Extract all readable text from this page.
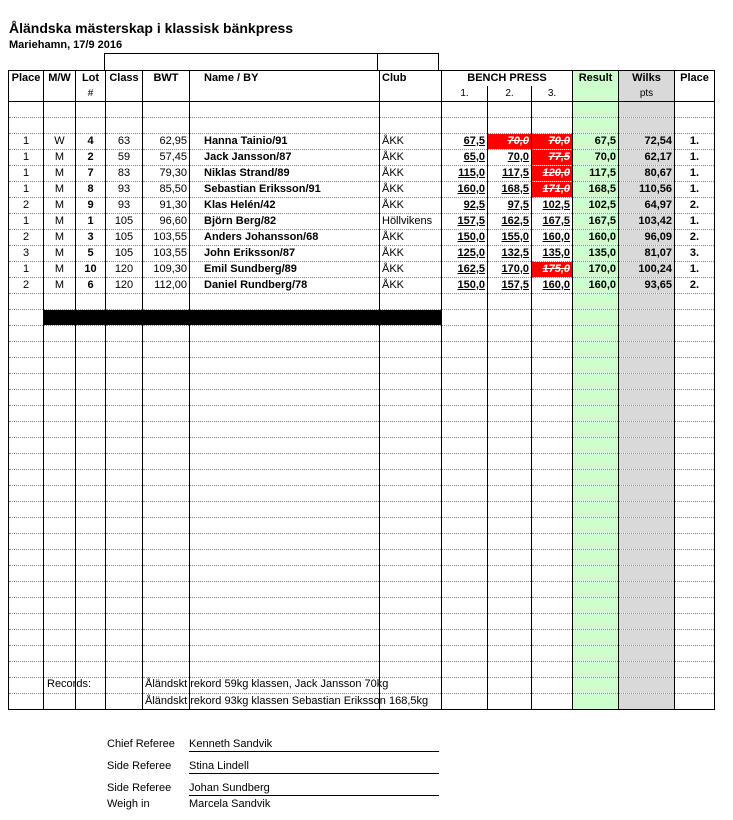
Åländska mästerskap i klassisk bänkpress
Mariehamn, 17/9 2016
Place	M/W	Lot	Class	BWT	Name / BY	Club	BENCH PRESS			Result	Wilks	Place
		#					1.	2.	3.		pts	

1	W	4	63	62,95	Hanna Tainio/91	ÅKK	67,5	70,0	70,0	67,5	72,54	1.
1	M	2	59	57,45	Jack Jansson/87	ÅKK	65,0	70,0	77,5	70,0	62,17	1.
1	M	7	83	79,30	Niklas Strand/89	ÅKK	115,0	117,5	120,0	117,5	80,67	1.
1	M	8	93	85,50	Sebastian Eriksson/91	ÅKK	160,0	168,5	171,0	168,5	110,56	1.
2	M	9	93	91,30	Klas Helén/42	ÅKK	92,5	97,5	102,5	102,5	64,97	2.
1	M	1	105	96,60	Björn Berg/82	Höllvikens	157,5	162,5	167,5	167,5	103,42	1.
2	M	3	105	103,55	Anders Johansson/68	ÅKK	150,0	155,0	160,0	160,0	96,09	2.
3	M	5	105	103,55	John Eriksson/87	ÅKK	125,0	132,5	135,0	135,0	81,07	3.
1	M	10	120	109,30	Emil Sundberg/89	ÅKK	162,5	170,0	175,0	170,0	100,24	1.
2	M	6	120	112,00	Daniel Rundberg/78	ÅKK	150,0	157,5	160,0	160,0	93,65	2.

Records:	Åländskt rekord 59kg klassen, Jack Jansson 70kg
Åländskt rekord 93kg klassen Sebastian Eriksson 168,5kg
Chief Referee Kenneth Sandvik
Side Referee Stina Lindell
Side Referee Johan Sundberg
Weigh in	Marcela Sandvik
